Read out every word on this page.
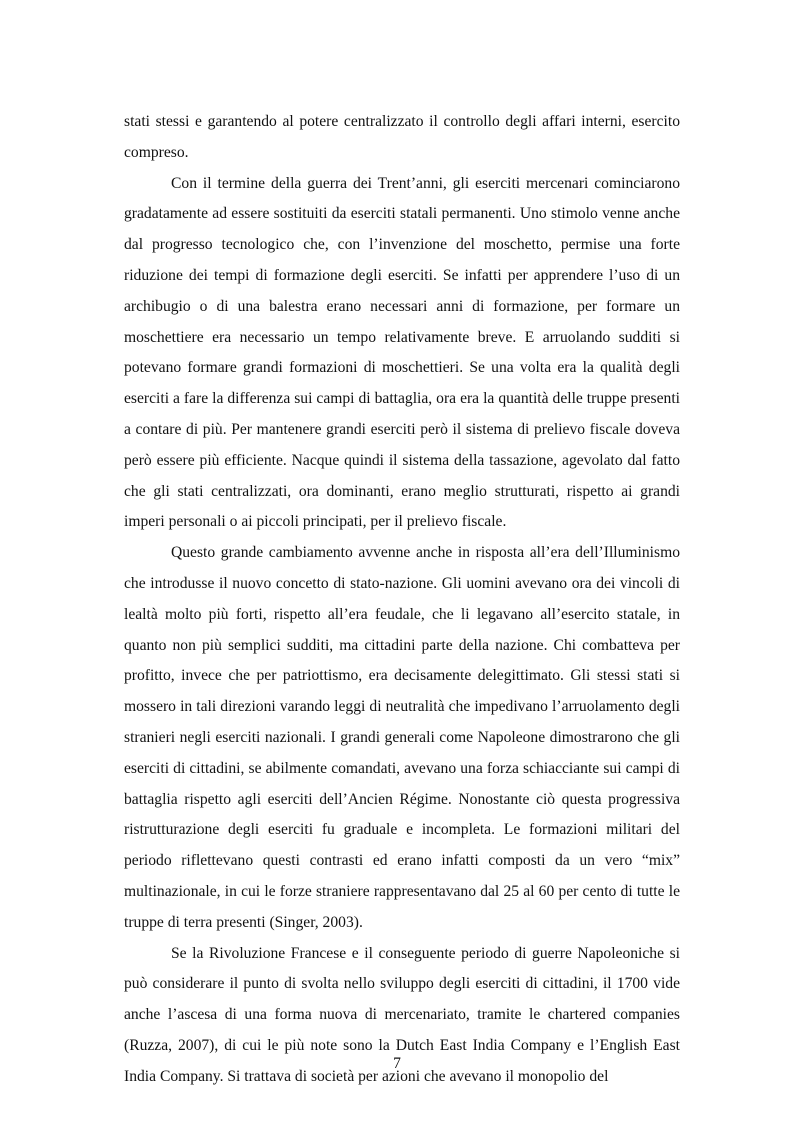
stati stessi e garantendo al potere centralizzato il controllo degli affari interni, esercito compreso.

Con il termine della guerra dei Trent’anni, gli eserciti mercenari cominciarono gradatamente ad essere sostituiti da eserciti statali permanenti. Uno stimolo venne anche dal progresso tecnologico che, con l’invenzione del moschetto, permise una forte riduzione dei tempi di formazione degli eserciti. Se infatti per apprendere l’uso di un archibugio o di una balestra erano necessari anni di formazione, per formare un moschettiere era necessario un tempo relativamente breve. E arruolando sudditi si potevano formare grandi formazioni di moschettieri. Se una volta era la qualità degli eserciti a fare la differenza sui campi di battaglia, ora era la quantità delle truppe presenti a contare di più. Per mantenere grandi eserciti però il sistema di prelievo fiscale doveva però essere più efficiente. Nacque quindi il sistema della tassazione, agevolato dal fatto che gli stati centralizzati, ora dominanti, erano meglio strutturati, rispetto ai grandi imperi personali o ai piccoli principati, per il prelievo fiscale.

Questo grande cambiamento avvenne anche in risposta all’era dell’Illuminismo che introdusse il nuovo concetto di stato-nazione. Gli uomini avevano ora dei vincoli di lealtà molto più forti, rispetto all’era feudale, che li legavano all’esercito statale, in quanto non più semplici sudditi, ma cittadini parte della nazione. Chi combatteva per profitto, invece che per patriottismo, era decisamente delegittimato. Gli stessi stati si mossero in tali direzioni varando leggi di neutralità che impedivano l’arruolamento degli stranieri negli eserciti nazionali. I grandi generali come Napoleone dimostrarono che gli eserciti di cittadini, se abilmente comandati, avevano una forza schiacciante sui campi di battaglia rispetto agli eserciti dell’Ancien Régime. Nonostante ciò questa progressiva ristrutturazione degli eserciti fu graduale e incompleta. Le formazioni militari del periodo riflettevano questi contrasti ed erano infatti composti da un vero “mix” multinazionale, in cui le forze straniere rappresentavano dal 25 al 60 per cento di tutte le truppe di terra presenti (Singer, 2003).

Se la Rivoluzione Francese e il conseguente periodo di guerre Napoleoniche si può considerare il punto di svolta nello sviluppo degli eserciti di cittadini, il 1700 vide anche l’ascesa di una forma nuova di mercenariato, tramite le chartered companies (Ruzza, 2007), di cui le più note sono la Dutch East India Company e l’English East India Company. Si trattava di società per azioni che avevano il monopolio del

7
